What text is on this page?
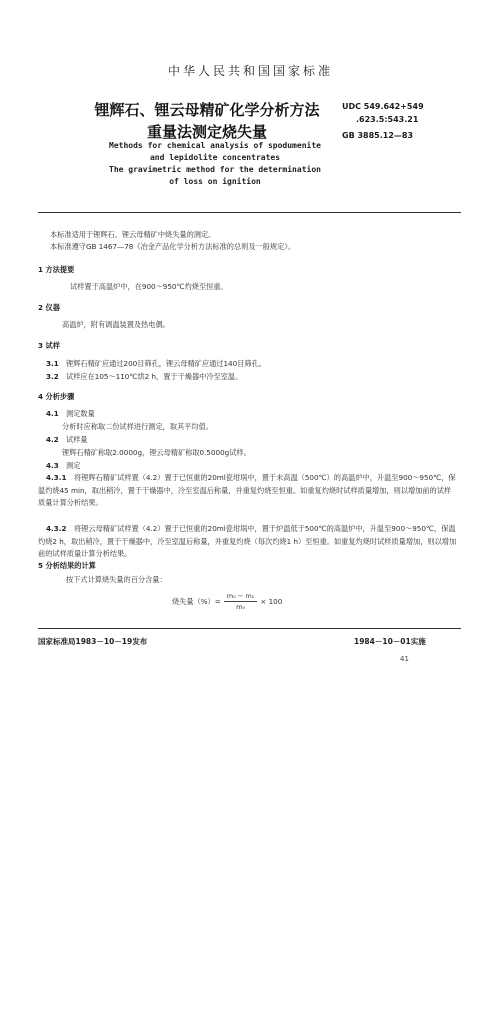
中华人民共和国国家标准
锂辉石、锂云母精矿化学分析方法
重量法测定烧失量
UDC 549.642+549
.623.5:543.21
GB 3885.12—83
Methods for chemical analysis of spodumenite
and lepidolite concentrates
The gravimetric method for the determination
of loss on ignition
本标准适用于锂辉石、锂云母精矿中烧失量的测定。
本标准遵守GB 1467—78《冶金产品化学分析方法标准的总则及一般规定》。
1 方法提要
试样置于高温炉中，在900～950℃灼烧至恒重。
2 仪器
高温炉，附有调温装置及热电偶。
3 试样
3.1 锂辉石精矿应通过200目筛孔，锂云母精矿应通过140目筛孔。
3.2 试样应在105～110℃烘2 h，置于干燥器中冷至室温。
4 分析步骤
4.1 测定数量
分析时应称取二份试样进行测定，取其平均值。
4.2 试样量
锂辉石精矿称取2.0000g，锂云母精矿称取0.5000g试样。
4.3 测定
4.3.1	将锂辉石精矿试样置（4.2）置于已恒重的20ml瓷坩埚中，置于未高温（500℃）的高温炉中，升温至900～950℃，保温灼烧45 min，取出稍冷，置于干燥器中，冷至室温后称量，并重复灼烧至恒重。如重复灼烧时试样质量增加，则以增加前的试样质量计算分析结果。
4.3.2	将锂云母精矿试样置（4.2）置于已恒重的20ml瓷坩埚中，置于炉温低于500℃的高温炉中，升温至900～950℃，保温灼烧2 h，取出稍冷，置于干燥器中，冷至室温后称量，并重复灼烧（每次灼烧1 h）至恒重。如重复灼烧时试样质量增加，则以增加前的试样质量计算分析结果。
5 分析结果的计算
按下式计算烧失量的百分含量：
烧失量（%）= $\frac{\text{m₀ − m₁}}{\text{m₀}} \times 100$
国家标准局1983－10－19发布	1984－10－01实施
41
